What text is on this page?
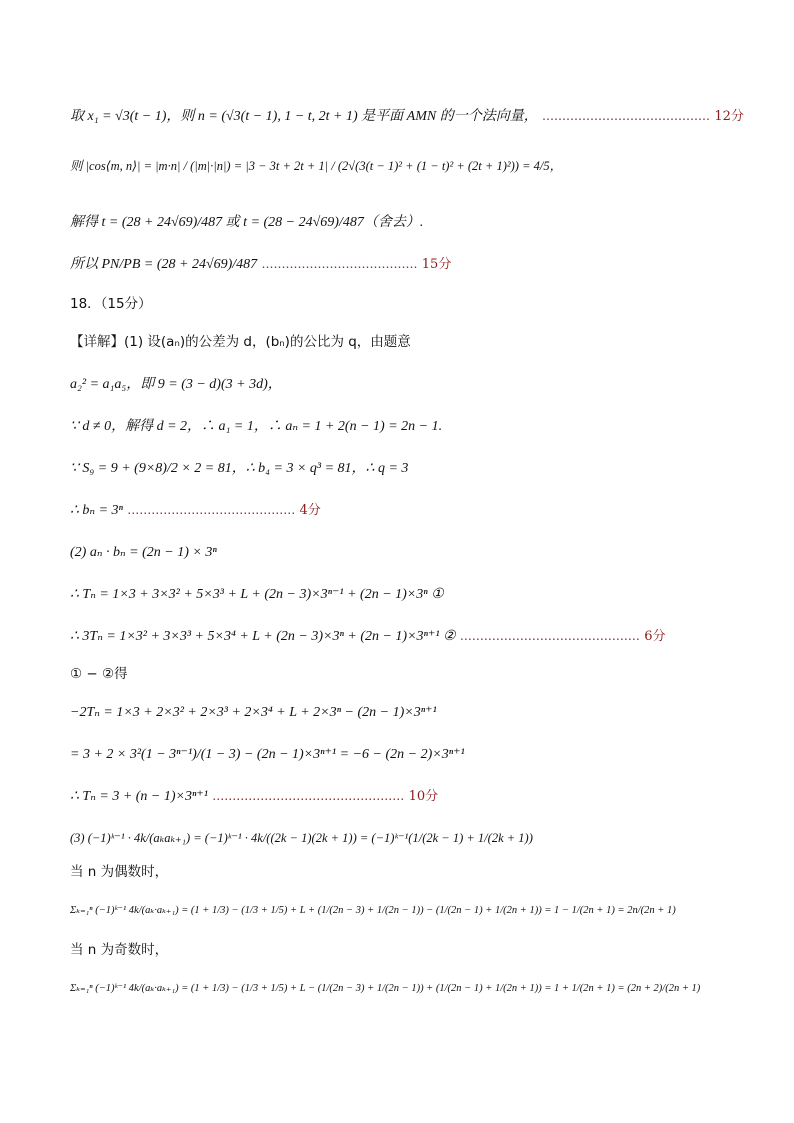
取 x₁ = √3(t − 1)，则 n = (√3(t − 1), 1 − t, 2t + 1) 是平面 AMN 的一个法向量， …………………………………… 12分
则 |cos⟨m, n⟩| = |m·n| / (|m|·|n|) = |3 − 3t + 2t + 1| / (2√(3(t − 1)² + (1 − t)² + (2t + 1)²)) = 4/5，
解得 t = (28 + 24√69)/487 或 t = (28 − 24√69)/487（舍去）.
所以 PN/PB = (28 + 24√69)/487 ………………………………… 15分
18．（15分）
【详解】(1) 设(aₙ)的公差为 d，(bₙ)的公比为 q，由题意
a₂² = a₁a₅，即 9 = (3 − d)(3 + 3d)，
∵ d ≠ 0，解得 d = 2，∴ a₁ = 1，∴ aₙ = 1 + 2(n − 1) = 2n − 1.
∵ S₉ = 9 + (9×8)/2 × 2 = 81，∴ b₄ = 3 × q³ = 81，∴ q = 3
∴ bₙ = 3ⁿ …………………………………… 4分
(2) aₙ · bₙ = (2n − 1) × 3ⁿ
∴ Tₙ = 1×3 + 3×3² + 5×3³ + L + (2n − 3)×3ⁿ⁻¹ + (2n − 1)×3ⁿ ①
∴ 3Tₙ = 1×3² + 3×3³ + 5×3⁴ + L + (2n − 3)×3ⁿ + (2n − 1)×3ⁿ⁺¹ ② ……………………………………… 6分
① − ②得
−2Tₙ = 1×3 + 2×3² + 2×3³ + 2×3⁴ + L + 2×3ⁿ − (2n − 1)×3ⁿ⁺¹
= 3 + 2 × 3²(1 − 3ⁿ⁻¹)/(1 − 3) − (2n − 1)×3ⁿ⁺¹ = −6 − (2n − 2)×3ⁿ⁺¹
∴ Tₙ = 3 + (n − 1)×3ⁿ⁺¹ ………………………………………… 10分
(3) (−1)ᵏ⁻¹ · 4k/(aₖaₖ₊₁) = (−1)ᵏ⁻¹ · 4k/((2k − 1)(2k + 1)) = (−1)ᵏ⁻¹(1/(2k − 1) + 1/(2k + 1))
当 n 为偶数时，
Σₖ₌₁ⁿ (−1)ᵏ⁻¹ 4k/(aₖ·aₖ₊₁) = (1 + 1/3) − (1/3 + 1/5) + L + (1/(2n − 3) + 1/(2n − 1)) − (1/(2n − 1) + 1/(2n + 1)) = 1 − 1/(2n + 1) = 2n/(2n + 1)
当 n 为奇数时，
Σₖ₌₁ⁿ (−1)ᵏ⁻¹ 4k/(aₖ·aₖ₊₁) = (1 + 1/3) − (1/3 + 1/5) + L − (1/(2n − 3) + 1/(2n − 1)) + (1/(2n − 1) + 1/(2n + 1)) = 1 + 1/(2n + 1) = (2n + 2)/(2n + 1)
